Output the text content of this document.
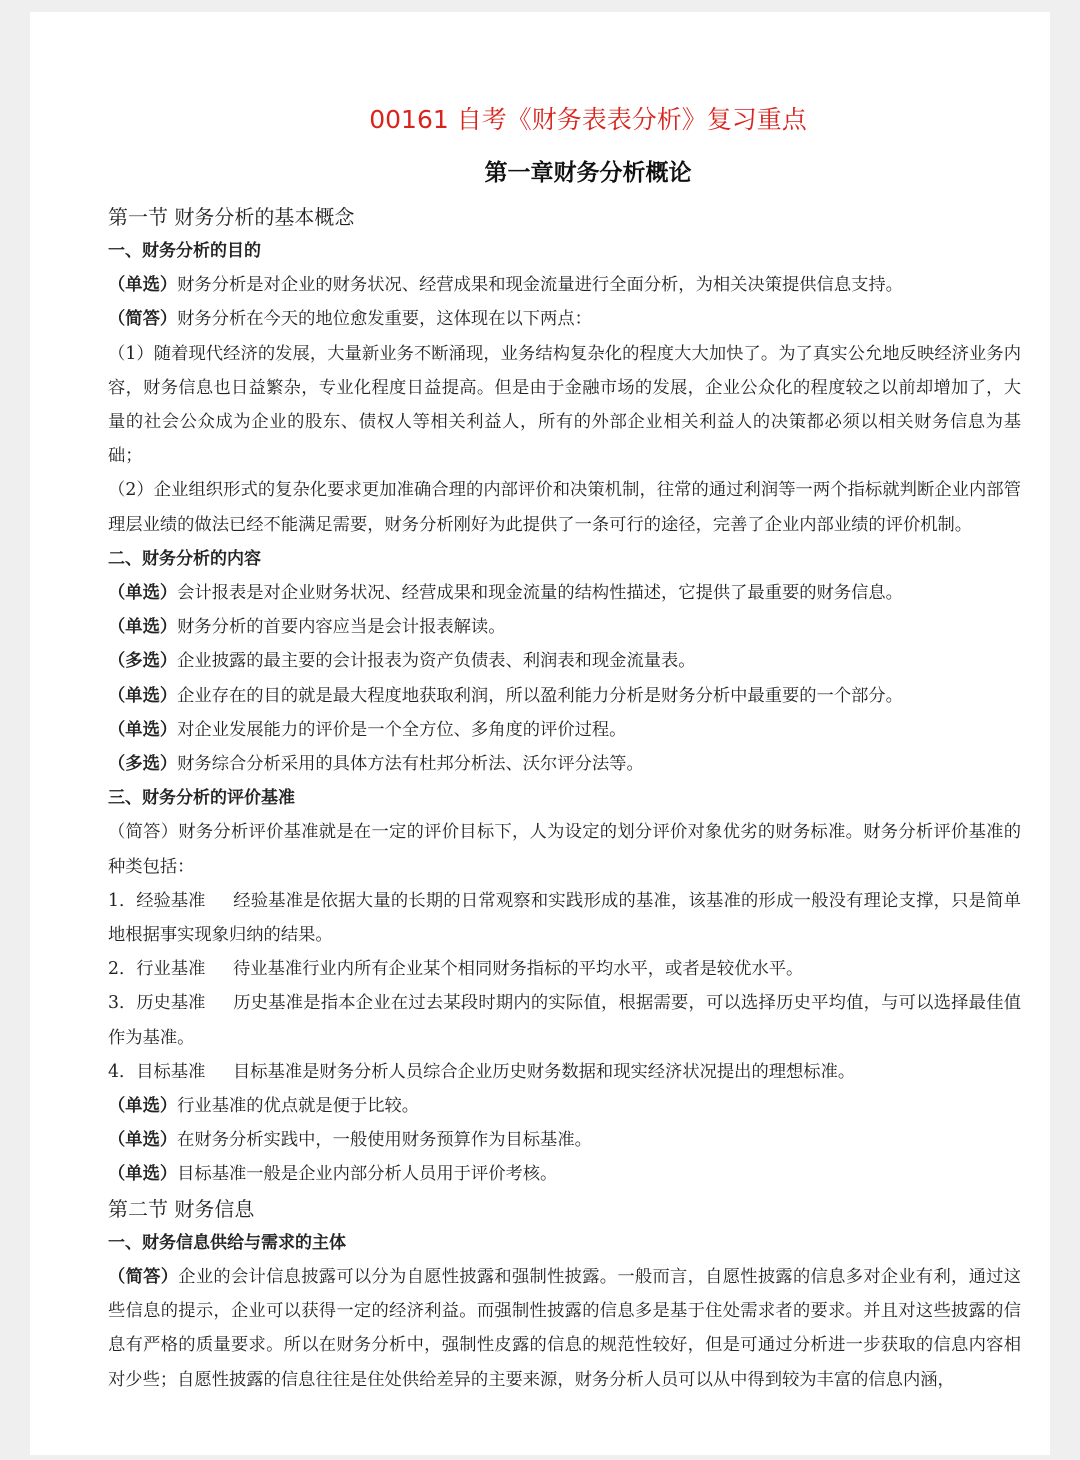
00161 自考《财务表表分析》复习重点
第一章财务分析概论
第一节 财务分析的基本概念
一、财务分析的目的

（单选）财务分析是对企业的财务状况、经营成果和现金流量进行全面分析，为相关决策提供信息支持。

（简答）财务分析在今天的地位愈发重要，这体现在以下两点：

（1）随着现代经济的发展，大量新业务不断涌现，业务结构复杂化的程度大大加快了。为了真实公允地反映经济业务内容，财务信息也日益繁杂，专业化程度日益提高。但是由于金融市场的发展，企业公众化的程度较之以前却增加了，大量的社会公众成为企业的股东、债权人等相关利益人，所有的外部企业相关利益人的决策都必须以相关财务信息为基础；

（2）企业组织形式的复杂化要求更加准确合理的内部评价和决策机制，往常的通过利润等一两个指标就判断企业内部管理层业绩的做法已经不能满足需要，财务分析刚好为此提供了一条可行的途径，完善了企业内部业绩的评价机制。

二、财务分析的内容

（单选）会计报表是对企业财务状况、经营成果和现金流量的结构性描述，它提供了最重要的财务信息。

（单选）财务分析的首要内容应当是会计报表解读。

（多选）企业披露的最主要的会计报表为资产负债表、利润表和现金流量表。

（单选）企业存在的目的就是最大程度地获取利润，所以盈利能力分析是财务分析中最重要的一个部分。

（单选）对企业发展能力的评价是一个全方位、多角度的评价过程。

（多选）财务综合分析采用的具体方法有杜邦分析法、沃尔评分法等。

三、财务分析的评价基准

（简答）财务分析评价基准就是在一定的评价目标下，人为设定的划分评价对象优劣的财务标准。财务分析评价基准的种类包括：

1．经验基准 经验基准是依据大量的长期的日常观察和实践形成的基准，该基准的形成一般没有理论支撑，只是简单地根据事实现象归纳的结果。

2．行业基准 待业基准行业内所有企业某个相同财务指标的平均水平，或者是较优水平。

3．历史基准 历史基准是指本企业在过去某段时期内的实际值，根据需要，可以选择历史平均值，与可以选择最佳值作为基准。

4．目标基准 目标基准是财务分析人员综合企业历史财务数据和现实经济状况提出的理想标准。

（单选）行业基准的优点就是便于比较。

（单选）在财务分析实践中，一般使用财务预算作为目标基准。

（单选）目标基准一般是企业内部分析人员用于评价考核。

第二节 财务信息
一、财务信息供给与需求的主体

（简答）企业的会计信息披露可以分为自愿性披露和强制性披露。一般而言，自愿性披露的信息多对企业有利，通过这些信息的提示，企业可以获得一定的经济利益。而强制性披露的信息多是基于住处需求者的要求。并且对这些披露的信息有严格的质量要求。所以在财务分析中，强制性皮露的信息的规范性较好，但是可通过分析进一步获取的信息内容相对少些；自愿性披露的信息往往是住处供给差异的主要来源，财务分析人员可以从中得到较为丰富的信息内涵，
